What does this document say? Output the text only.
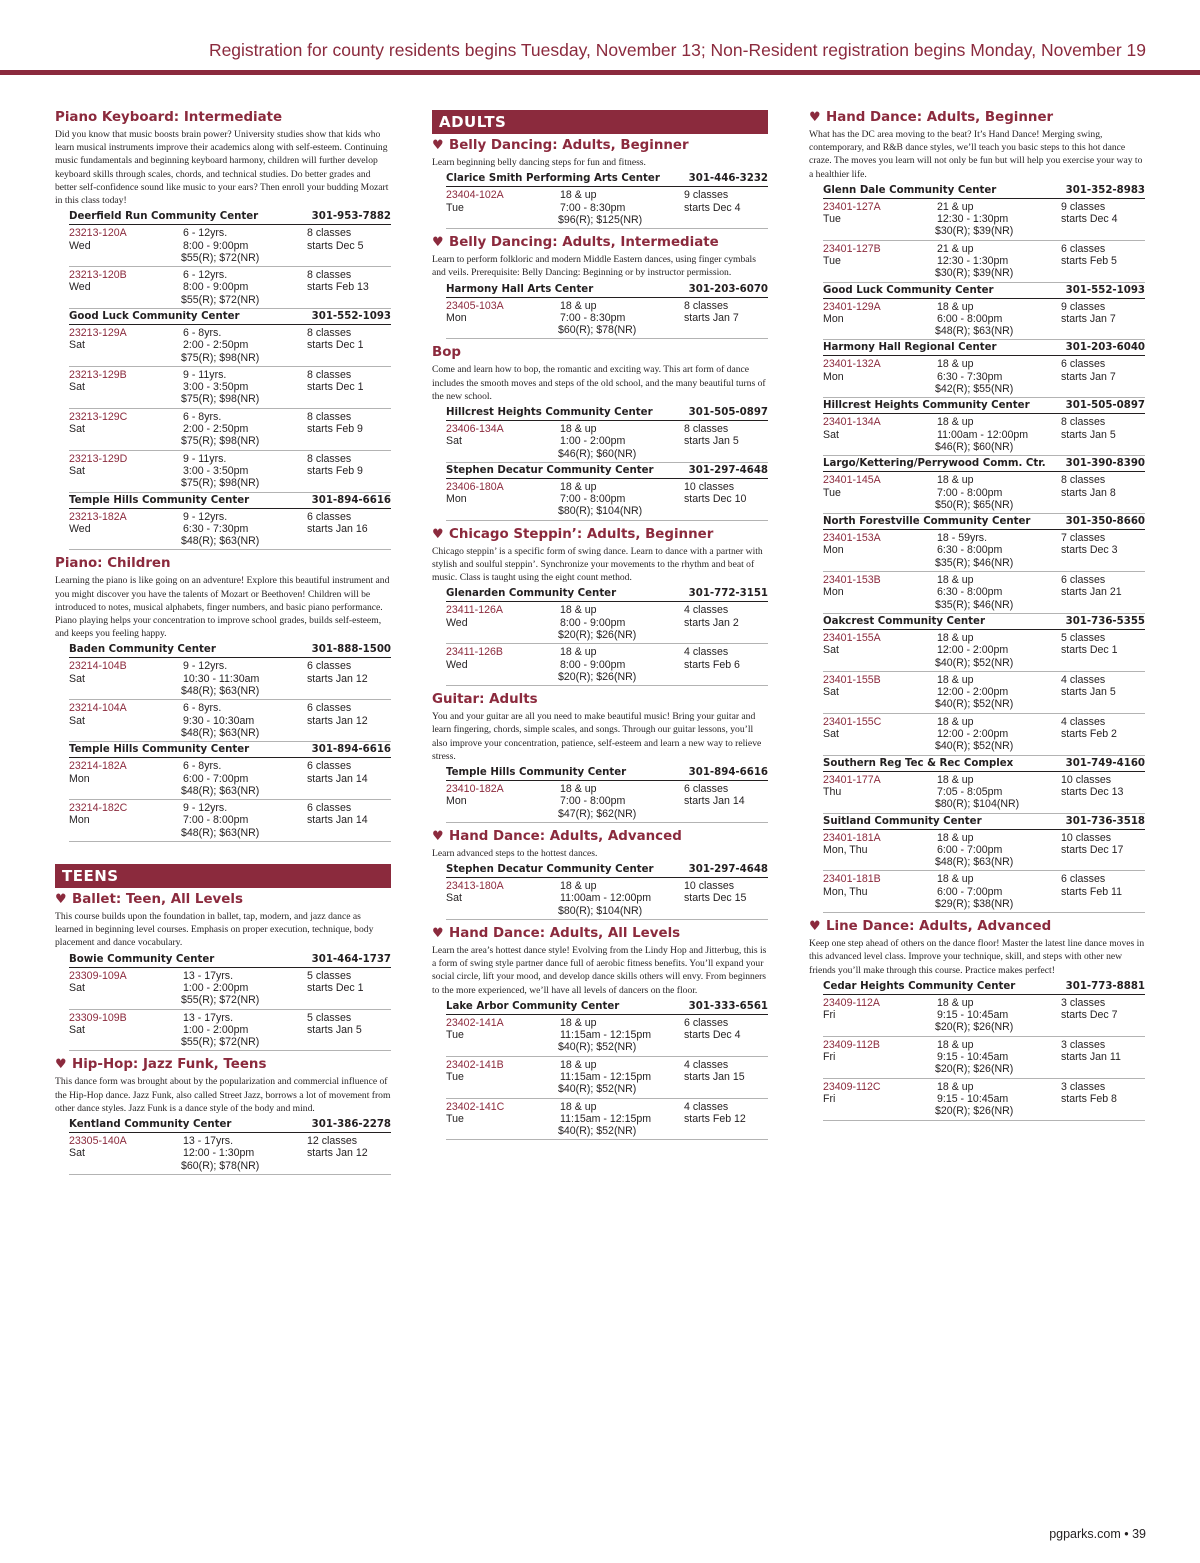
Registration for county residents begins Tuesday, November 13; Non-Resident registration begins Monday, November 19
Piano Keyboard: Intermediate
Did you know that music boosts brain power? University studies show that kids who learn musical instruments improve their academics along with self-esteem. Continuing music fundamentals and beginning keyboard harmony, children will further develop keyboard skills through scales, chords, and technical studies. Do better grades and better self-confidence sound like music to your ears? Then enroll your budding Mozart in this class today!
Deerfield Run Community Center	301-953-7882
23213-120A	6 - 12yrs.	8 classes
Wed	8:00 - 9:00pm	starts Dec 5
$55(R); $72(NR)
23213-120B	6 - 12yrs.	8 classes
Wed	8:00 - 9:00pm	starts Feb 13
$55(R); $72(NR)
Good Luck Community Center	301-552-1093
23213-129A	6 - 8yrs.	8 classes
Sat	2:00 - 2:50pm	starts Dec 1
$75(R); $98(NR)
23213-129B	9 - 11yrs.	8 classes
Sat	3:00 - 3:50pm	starts Dec 1
$75(R); $98(NR)
23213-129C	6 - 8yrs.	8 classes
Sat	2:00 - 2:50pm	starts Feb 9
$75(R); $98(NR)
23213-129D	9 - 11yrs.	8 classes
Sat	3:00 - 3:50pm	starts Feb 9
$75(R); $98(NR)
Temple Hills Community Center	301-894-6616
23213-182A	9 - 12yrs.	6 classes
Wed	6:30 - 7:30pm	starts Jan 16
$48(R); $63(NR)
Piano: Children
Learning the piano is like going on an adventure! Explore this beautiful instrument and you might discover you have the talents of Mozart or Beethoven! Children will be introduced to notes, musical alphabets, finger numbers, and basic piano performance. Piano playing helps your concentration to improve school grades, builds self-esteem, and keeps you feeling happy.
Baden Community Center	301-888-1500
23214-104B	9 - 12yrs.	6 classes
Sat	10:30 - 11:30am	starts Jan 12
$48(R); $63(NR)
23214-104A	6 - 8yrs.	6 classes
Sat	9:30 - 10:30am	starts Jan 12
$48(R); $63(NR)
Temple Hills Community Center	301-894-6616
23214-182A	6 - 8yrs.	6 classes
Mon	6:00 - 7:00pm	starts Jan 14
$48(R); $63(NR)
23214-182C	9 - 12yrs.	6 classes
Mon	7:00 - 8:00pm	starts Jan 14
$48(R); $63(NR)
TEENS
♥ Ballet: Teen, All Levels
This course builds upon the foundation in ballet, tap, modern, and jazz dance as learned in beginning level courses. Emphasis on proper execution, technique, body placement and dance vocabulary.
Bowie Community Center	301-464-1737
23309-109A	13 - 17yrs.	5 classes
Sat	1:00 - 2:00pm	starts Dec 1
$55(R); $72(NR)
23309-109B	13 - 17yrs.	5 classes
Sat	1:00 - 2:00pm	starts Jan 5
$55(R); $72(NR)
♥ Hip-Hop: Jazz Funk, Teens
This dance form was brought about by the popularization and commercial influence of the Hip-Hop dance. Jazz Funk, also called Street Jazz, borrows a lot of movement from other dance styles. Jazz Funk is a dance style of the body and mind.
Kentland Community Center	301-386-2278
23305-140A	13 - 17yrs.	12 classes
Sat	12:00 - 1:30pm	starts Jan 12
$60(R); $78(NR)
ADULTS
♥ Belly Dancing: Adults, Beginner
Learn beginning belly dancing steps for fun and fitness.
Clarice Smith Performing Arts Center	301-446-3232
23404-102A	18 & up	9 classes
Tue	7:00 - 8:30pm	starts Dec 4
$96(R); $125(NR)
♥ Belly Dancing: Adults, Intermediate
Learn to perform folkloric and modern Middle Eastern dances, using finger cymbals and veils. Prerequisite: Belly Dancing: Beginning or by instructor permission.
Harmony Hall Arts Center	301-203-6070
23405-103A	18 & up	8 classes
Mon	7:00 - 8:30pm	starts Jan 7
$60(R); $78(NR)
Bop
Come and learn how to bop, the romantic and exciting way. This art form of dance includes the smooth moves and steps of the old school, and the many beautiful turns of the new school.
Hillcrest Heights Community Center	301-505-0897
23406-134A	18 & up	8 classes
Sat	1:00 - 2:00pm	starts Jan 5
$46(R); $60(NR)
Stephen Decatur Community Center	301-297-4648
23406-180A	18 & up	10 classes
Mon	7:00 - 8:00pm	starts Dec 10
$80(R); $104(NR)
♥ Chicago Steppin’: Adults, Beginner
Chicago steppin’ is a specific form of swing dance. Learn to dance with a partner with stylish and soulful steppin’. Synchronize your movements to the rhythm and beat of music. Class is taught using the eight count method.
Glenarden Community Center	301-772-3151
23411-126A	18 & up	4 classes
Wed	8:00 - 9:00pm	starts Jan 2
$20(R); $26(NR)
23411-126B	18 & up	4 classes
Wed	8:00 - 9:00pm	starts Feb 6
$20(R); $26(NR)
Guitar: Adults
You and your guitar are all you need to make beautiful music! Bring your guitar and learn fingering, chords, simple scales, and songs. Through our guitar lessons, you’ll also improve your concentration, patience, self-esteem and learn a new way to relieve stress.
Temple Hills Community Center	301-894-6616
23410-182A	18 & up	6 classes
Mon	7:00 - 8:00pm	starts Jan 14
$47(R); $62(NR)
♥ Hand Dance: Adults, Advanced
Learn advanced steps to the hottest dances.
Stephen Decatur Community Center	301-297-4648
23413-180A	18 & up	10 classes
Sat	11:00am - 12:00pm	starts Dec 15
$80(R); $104(NR)
♥ Hand Dance: Adults, All Levels
Learn the area’s hottest dance style! Evolving from the Lindy Hop and Jitterbug, this is a form of swing style partner dance full of aerobic fitness benefits. You’ll expand your social circle, lift your mood, and develop dance skills others will envy. From beginners to the more experienced, we’ll have all levels of dancers on the floor.
Lake Arbor Community Center	301-333-6561
23402-141A	18 & up	6 classes
Tue	11:15am - 12:15pm	starts Dec 4
$40(R); $52(NR)
23402-141B	18 & up	4 classes
Tue	11:15am - 12:15pm	starts Jan 15
$40(R); $52(NR)
23402-141C	18 & up	4 classes
Tue	11:15am - 12:15pm	starts Feb 12
$40(R); $52(NR)
♥ Hand Dance: Adults, Beginner
What has the DC area moving to the beat? It’s Hand Dance! Merging swing, contemporary, and R&B dance styles, we’ll teach you basic steps to this hot dance craze. The moves you learn will not only be fun but will help you exercise your way to a healthier life.
Glenn Dale Community Center	301-352-8983
23401-127A	21 & up	9 classes
Tue	12:30 - 1:30pm	starts Dec 4
$30(R); $39(NR)
23401-127B	21 & up	6 classes
Tue	12:30 - 1:30pm	starts Feb 5
$30(R); $39(NR)
Good Luck Community Center	301-552-1093
23401-129A	18 & up	9 classes
Mon	6:00 - 8:00pm	starts Jan 7
$48(R); $63(NR)
Harmony Hall Regional Center	301-203-6040
23401-132A	18 & up	6 classes
Mon	6:30 - 7:30pm	starts Jan 7
$42(R); $55(NR)
Hillcrest Heights Community Center	301-505-0897
23401-134A	18 & up	8 classes
Sat	11:00am - 12:00pm	starts Jan 5
$46(R); $60(NR)
Largo/Kettering/Perrywood Comm. Ctr. 301-390-8390
23401-145A	18 & up	8 classes
Tue	7:00 - 8:00pm	starts Jan 8
$50(R); $65(NR)
North Forestville Community Center	301-350-8660
23401-153A	18 - 59yrs.	7 classes
Mon	6:30 - 8:00pm	starts Dec 3
$35(R); $46(NR)
23401-153B	18 & up	6 classes
Mon	6:30 - 8:00pm	starts Jan 21
$35(R); $46(NR)
Oakcrest Community Center	301-736-5355
23401-155A	18 & up	5 classes
Sat	12:00 - 2:00pm	starts Dec 1
$40(R); $52(NR)
23401-155B	18 & up	4 classes
Sat	12:00 - 2:00pm	starts Jan 5
$40(R); $52(NR)
23401-155C	18 & up	4 classes
Sat	12:00 - 2:00pm	starts Feb 2
$40(R); $52(NR)
Southern Reg Tec & Rec Complex	301-749-4160
23401-177A	18 & up	10 classes
Thu	7:05 - 8:05pm	starts Dec 13
$80(R); $104(NR)
Suitland Community Center	301-736-3518
23401-181A	18 & up	10 classes
Mon, Thu	6:00 - 7:00pm	starts Dec 17
$48(R); $63(NR)
23401-181B	18 & up	6 classes
Mon, Thu	6:00 - 7:00pm	starts Feb 11
$29(R); $38(NR)
♥ Line Dance: Adults, Advanced
Keep one step ahead of others on the dance floor! Master the latest line dance moves in this advanced level class. Improve your technique, skill, and steps with other new friends you’ll make through this course. Practice makes perfect!
Cedar Heights Community Center	301-773-8881
23409-112A	18 & up	3 classes
Fri	9:15 - 10:45am	starts Dec 7
$20(R); $26(NR)
23409-112B	18 & up	3 classes
Fri	9:15 - 10:45am	starts Jan 11
$20(R); $26(NR)
23409-112C	18 & up	3 classes
Fri	9:15 - 10:45am	starts Feb 8
$20(R); $26(NR)
pgparks.com • 39
